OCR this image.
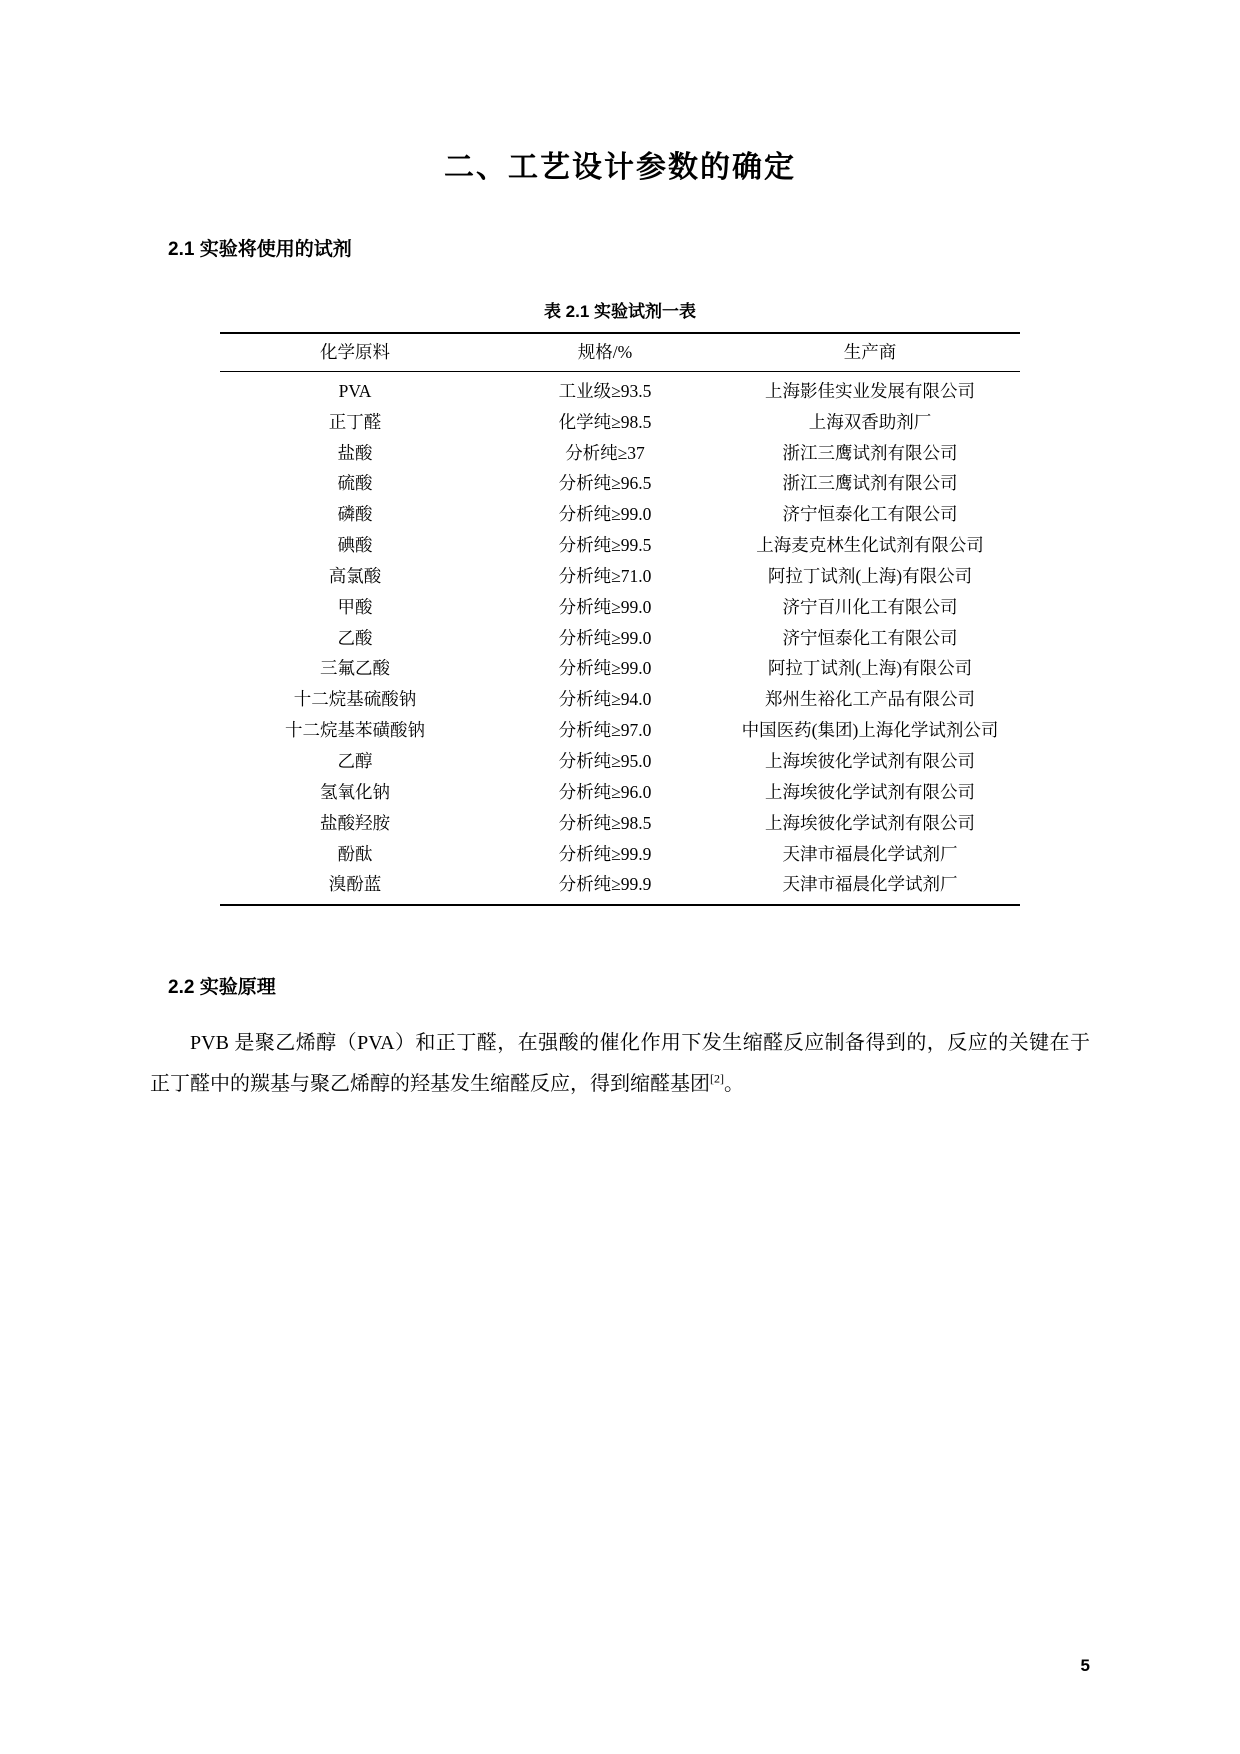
二、工艺设计参数的确定
2.1 实验将使用的试剂
表 2.1 实验试剂一表
化学原料	规格/%	生产商
PVA	工业级≥93.5	上海影佳实业发展有限公司
正丁醛	化学纯≥98.5	上海双香助剂厂
盐酸	分析纯≥37	浙江三鹰试剂有限公司
硫酸	分析纯≥96.5	浙江三鹰试剂有限公司
磷酸	分析纯≥99.0	济宁恒泰化工有限公司
碘酸	分析纯≥99.5	上海麦克林生化试剂有限公司
高氯酸	分析纯≥71.0	阿拉丁试剂(上海)有限公司
甲酸	分析纯≥99.0	济宁百川化工有限公司
乙酸	分析纯≥99.0	济宁恒泰化工有限公司
三氟乙酸	分析纯≥99.0	阿拉丁试剂(上海)有限公司
十二烷基硫酸钠	分析纯≥94.0	郑州生裕化工产品有限公司
十二烷基苯磺酸钠	分析纯≥97.0	中国医药(集团)上海化学试剂公司
乙醇	分析纯≥95.0	上海埃彼化学试剂有限公司
氢氧化钠	分析纯≥96.0	上海埃彼化学试剂有限公司
盐酸羟胺	分析纯≥98.5	上海埃彼化学试剂有限公司
酚酞	分析纯≥99.9	天津市福晨化学试剂厂
溴酚蓝	分析纯≥99.9	天津市福晨化学试剂厂
2.2 实验原理

PVB 是聚乙烯醇（PVA）和正丁醛，在强酸的催化作用下发生缩醛反应制备得到的，反应的关键在于正丁醛中的羰基与聚乙烯醇的羟基发生缩醛反应，得到缩醛基团[2]。

5
